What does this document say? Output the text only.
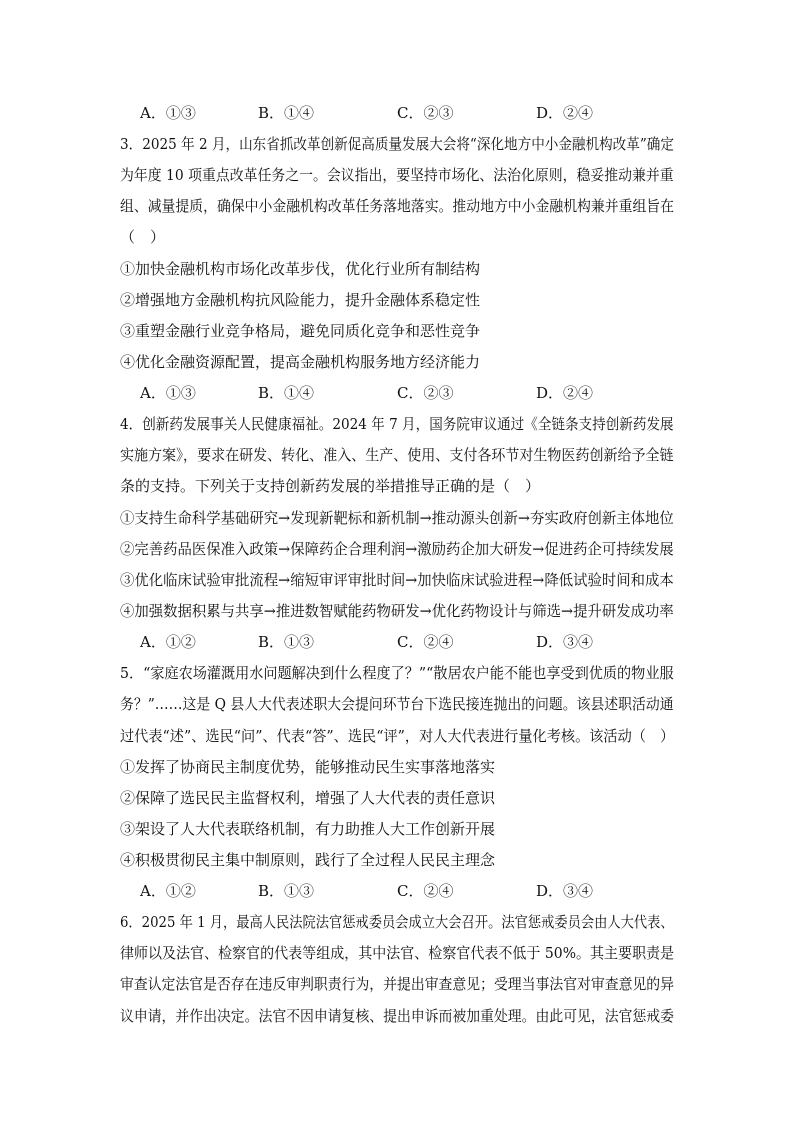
A．①③	B．①④	C．②③	D．②④
3．2025 年 2 月，山东省抓改革创新促高质量发展大会将“深化地方中小金融机构改革”确定
为年度 10 项重点改革任务之一。会议指出，要坚持市场化、法治化原则，稳妥推动兼并重
组、减量提质，确保中小金融机构改革任务落地落实。推动地方中小金融机构兼并重组旨在
（　）
①加快金融机构市场化改革步伐，优化行业所有制结构
②增强地方金融机构抗风险能力，提升金融体系稳定性
③重塑金融行业竞争格局，避免同质化竞争和恶性竞争
④优化金融资源配置，提高金融机构服务地方经济能力
A．①③	B．①④	C．②③	D．②④
4．创新药发展事关人民健康福祉。2024 年 7 月，国务院审议通过《全链条支持创新药发展
实施方案》，要求在研发、转化、准入、生产、使用、支付各环节对生物医药创新给予全链
条的支持。下列关于支持创新药发展的举措推导正确的是（　）
①支持生命科学基础研究→发现新靶标和新机制→推动源头创新→夯实政府创新主体地位
②完善药品医保准入政策→保障药企合理利润→激励药企加大研发→促进药企可持续发展
③优化临床试验审批流程→缩短审评审批时间→加快临床试验进程→降低试验时间和成本
④加强数据积累与共享→推进数智赋能药物研发→优化药物设计与筛选→提升研发成功率
A．①②	B．①③	C．②④	D．③④
5．“家庭农场灌溉用水问题解决到什么程度了？”“散居农户能不能也享受到优质的物业服
务？”……这是 Q 县人大代表述职大会提问环节台下选民接连抛出的问题。该县述职活动通
过代表“述”、选民“问”、代表“答”、选民“评”，对人大代表进行量化考核。该活动（　）
①发挥了协商民主制度优势，能够推动民生实事落地落实
②保障了选民民主监督权利，增强了人大代表的责任意识
③架设了人大代表联络机制，有力助推人大工作创新开展
④积极贯彻民主集中制原则，践行了全过程人民民主理念
A．①②	B．①③	C．②④	D．③④
6．2025 年 1 月，最高人民法院法官惩戒委员会成立大会召开。法官惩戒委员会由人大代表、
律师以及法官、检察官的代表等组成，其中法官、检察官代表不低于 50%。其主要职责是
审查认定法官是否存在违反审判职责行为，并提出审查意见；受理当事法官对审查意见的异
议申请，并作出决定。法官不因申请复核、提出申诉而被加重处理。由此可见，法官惩戒委
